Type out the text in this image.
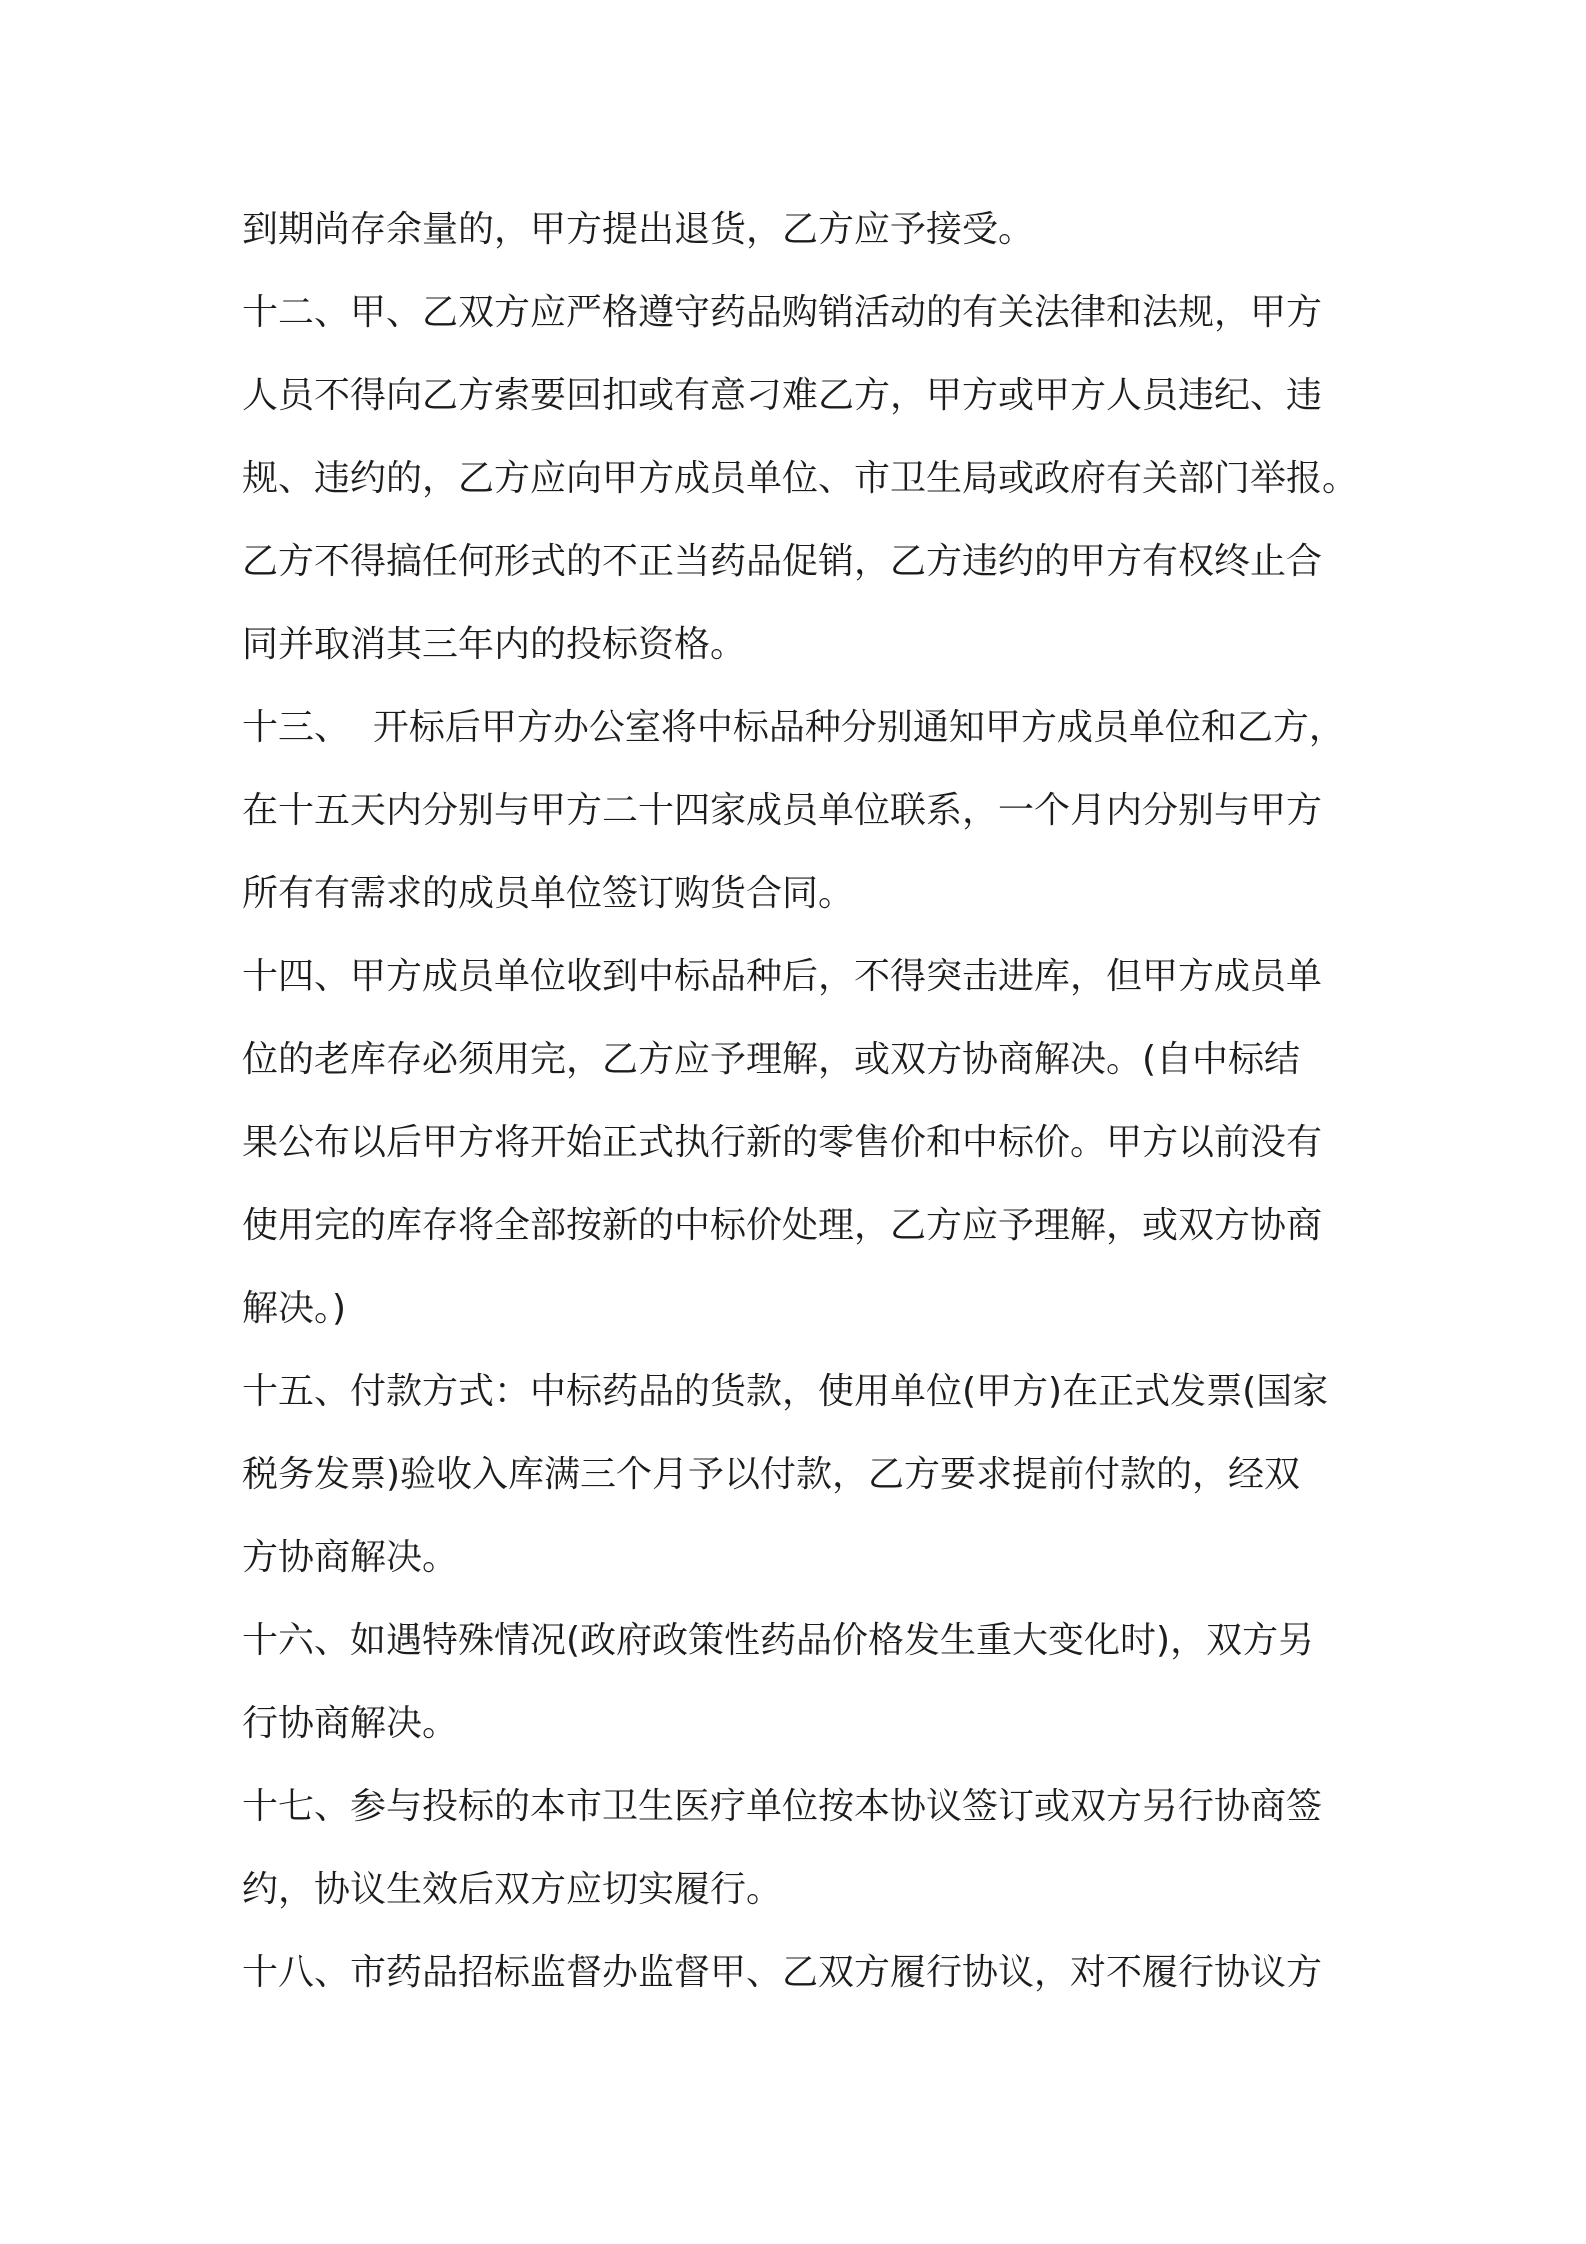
到期尚存余量的，甲方提出退货，乙方应予接受。

十二、甲、乙双方应严格遵守药品购销活动的有关法律和法规，甲方
人员不得向乙方索要回扣或有意刁难乙方，甲方或甲方人员违纪、违
规、违约的，乙方应向甲方成员单位、市卫生局或政府有关部门举报。
乙方不得搞任何形式的不正当药品促销，乙方违约的甲方有权终止合
同并取消其三年内的投标资格。

十三、  开标后甲方办公室将中标品种分别通知甲方成员单位和乙方，
在十五天内分别与甲方二十四家成员单位联系，一个月内分别与甲方
所有有需求的成员单位签订购货合同。

十四、甲方成员单位收到中标品种后，不得突击进库，但甲方成员单
位的老库存必须用完，乙方应予理解，或双方协商解决。(自中标结
果公布以后甲方将开始正式执行新的零售价和中标价。甲方以前没有
使用完的库存将全部按新的中标价处理，乙方应予理解，或双方协商
解决。)

十五、付款方式：中标药品的货款，使用单位(甲方)在正式发票(国家
税务发票)验收入库满三个月予以付款，乙方要求提前付款的，经双
方协商解决。

十六、如遇特殊情况(政府政策性药品价格发生重大变化时)，双方另
行协商解决。

十七、参与投标的本市卫生医疗单位按本协议签订或双方另行协商签
约，协议生效后双方应切实履行。

十八、市药品招标监督办监督甲、乙双方履行协议，对不履行协议方
